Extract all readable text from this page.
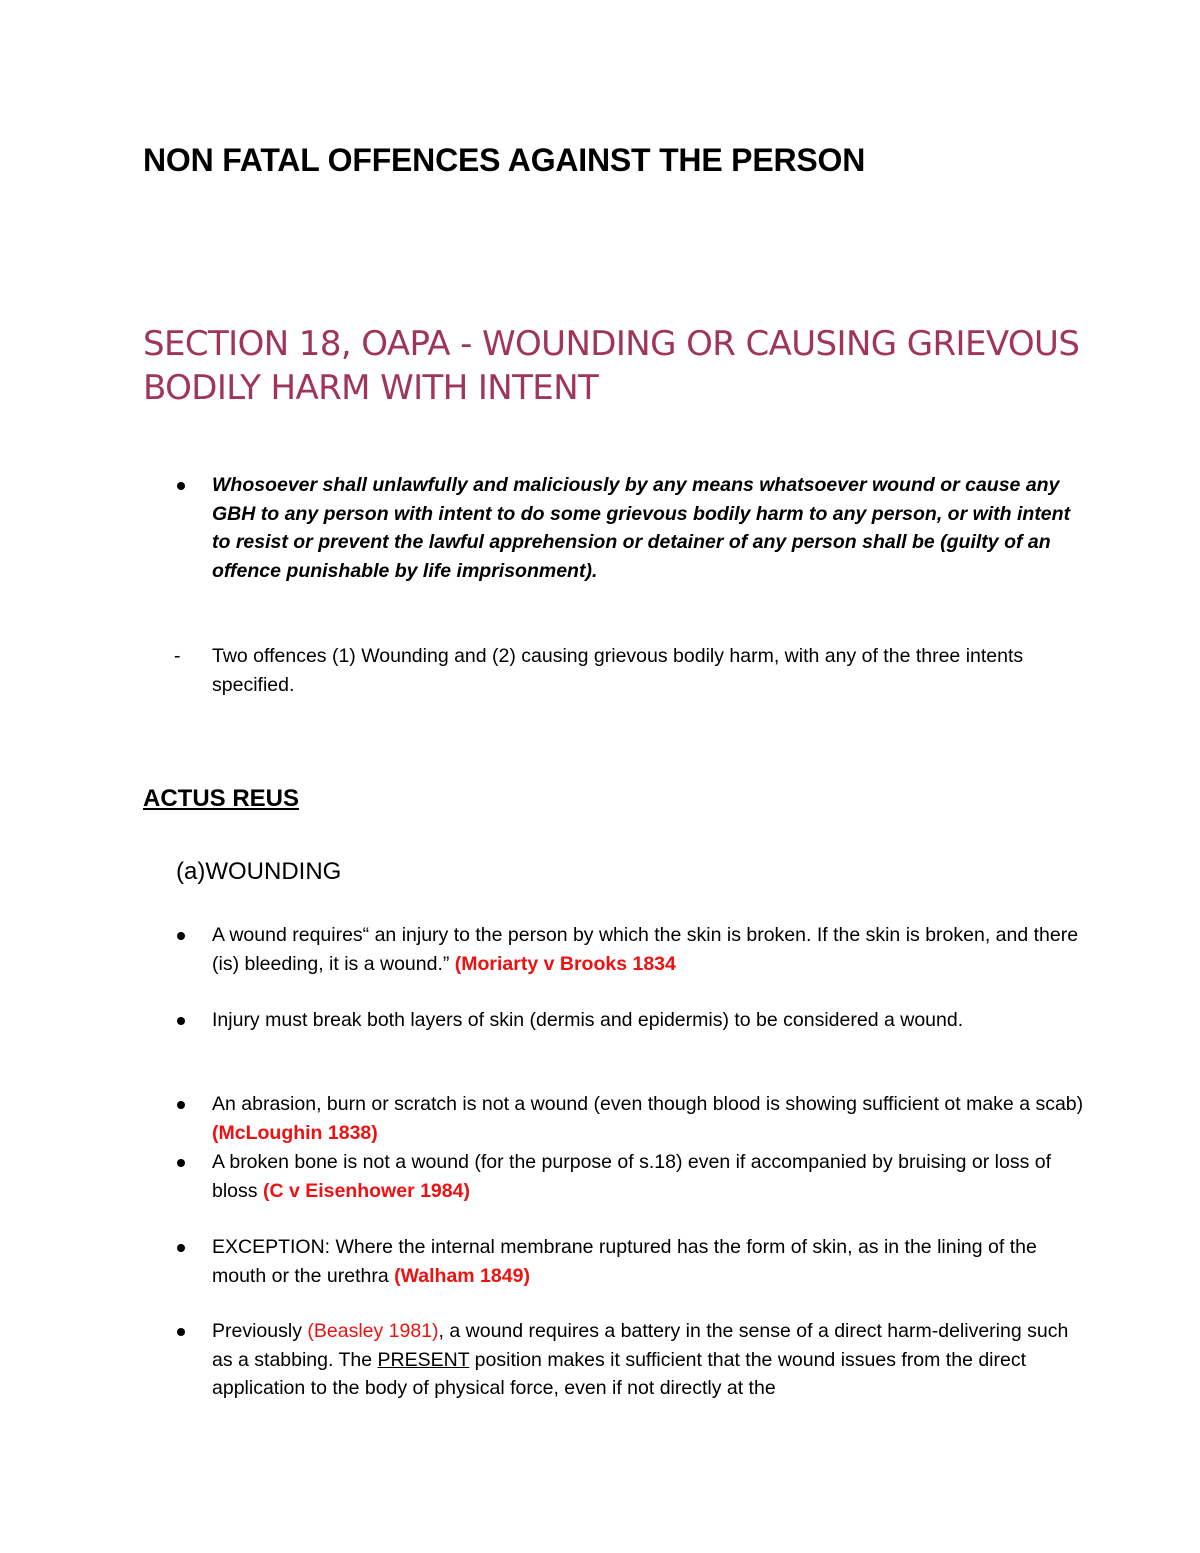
NON FATAL OFFENCES AGAINST THE PERSON
SECTION 18, OAPA - WOUNDING OR CAUSING GRIEVOUS BODILY HARM WITH INTENT
Whosoever shall unlawfully and maliciously by any means whatsoever wound or cause any GBH to any person with intent to do some grievous bodily harm to any person, or with intent to resist or prevent the lawful apprehension or detainer of any person shall be (guilty of an offence punishable by life imprisonment).
- Two offences (1) Wounding and (2) causing grievous bodily harm, with any of the three intents specified.
ACTUS REUS
(a)WOUNDING
A wound requires“ an injury to the person by which the skin is broken. If the skin is broken, and there (is) bleeding, it is a wound.” (Moriarty v Brooks 1834
Injury must break both layers of skin (dermis and epidermis) to be considered a wound.
An abrasion, burn or scratch is not a wound (even though blood is showing sufficient ot make a scab) (McLoughin 1838)
A broken bone is not a wound (for the purpose of s.18) even if accompanied by bruising or loss of bloss (C v Eisenhower 1984)
EXCEPTION: Where the internal membrane ruptured has the form of skin, as in the lining of the mouth or the urethra (Walham 1849)
Previously (Beasley 1981), a wound requires a battery in the sense of a direct harm-delivering such as a stabbing. The PRESENT position makes it sufficient that the wound issues from the direct application to the body of physical force, even if not directly at the
